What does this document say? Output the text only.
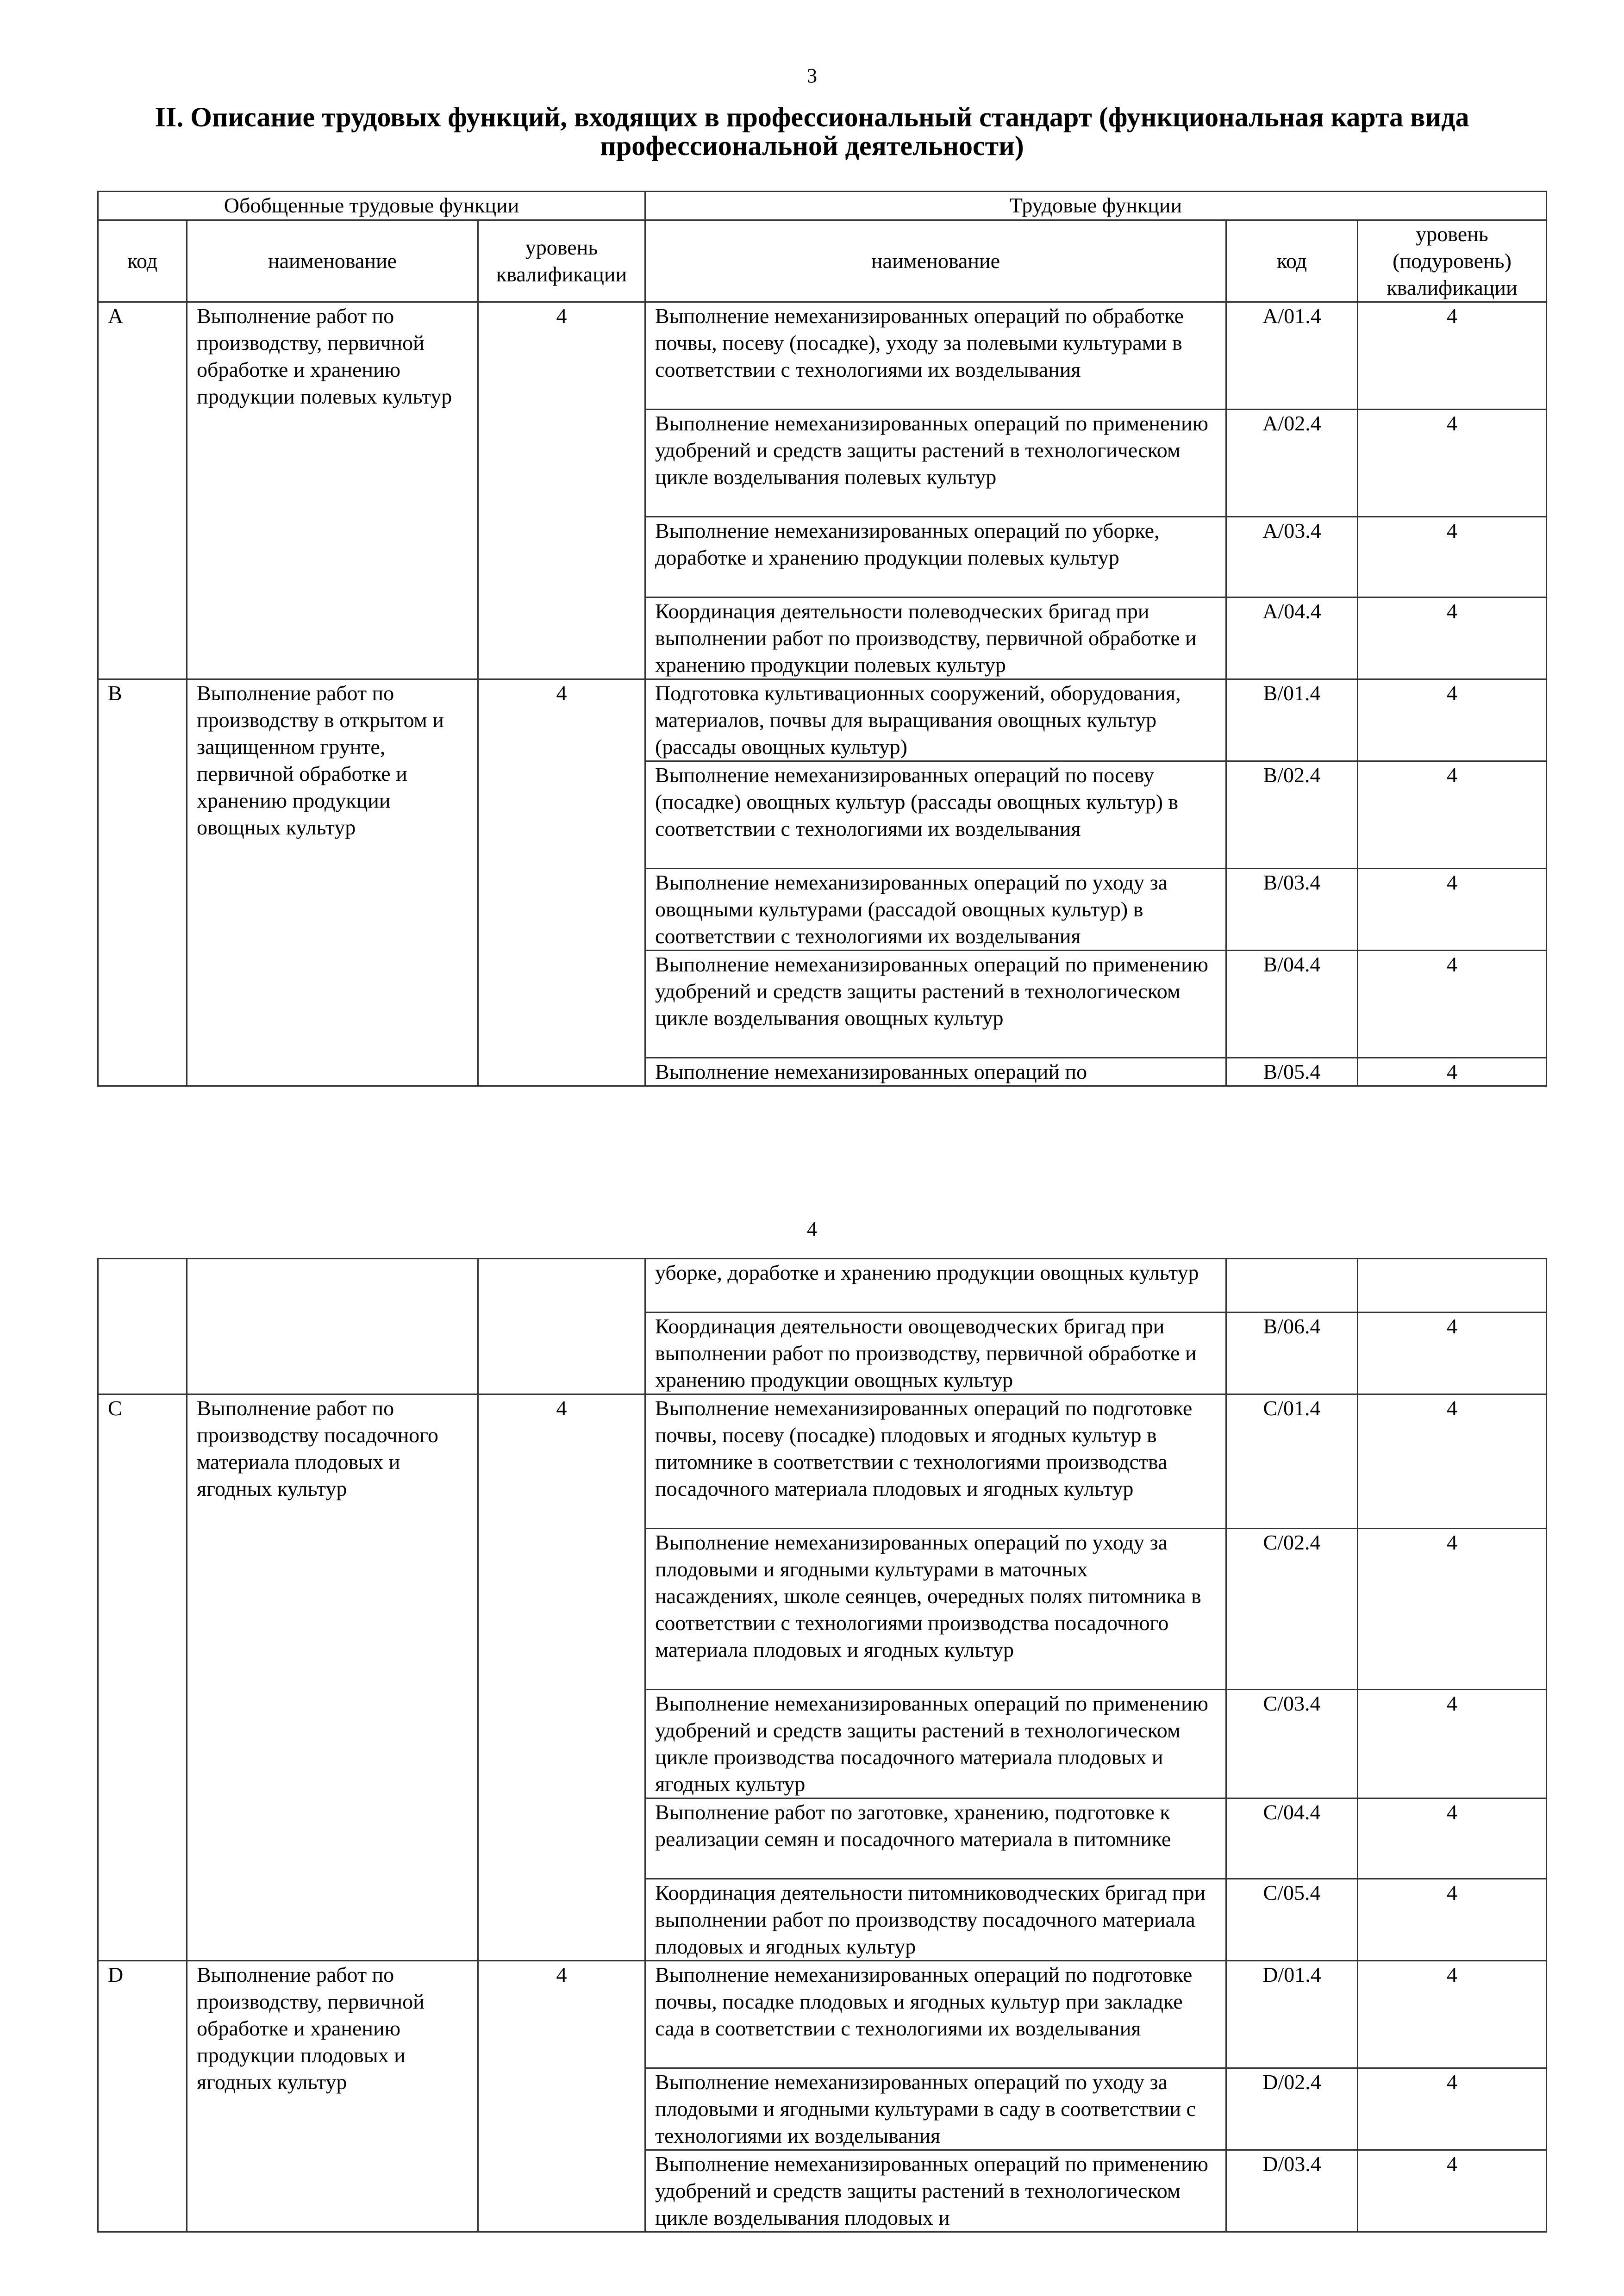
3
II. Описание трудовых функций, входящих в профессиональный стандарт (функциональная карта вида профессиональной деятельности)
Обобщенные трудовые функции			Трудовые функции		
код	наименование	уровень квалификации	наименование	код	уровень (подуровень) квалификации
A	Выполнение работ по производству, первичной обработке и хранению продукции полевых культур	4	Выполнение немеханизированных операций по обработке почвы, посеву (посадке), уходу за полевыми культурами в соответствии с технологиями их возделывания	A/01.4	4
			Выполнение немеханизированных операций по применению удобрений и средств защиты растений в технологическом цикле возделывания полевых культур	A/02.4	4
			Выполнение немеханизированных операций по уборке, доработке и хранению продукции полевых культур	A/03.4	4
			Координация деятельности полеводческих бригад при выполнении работ по производству, первичной обработке и хранению продукции полевых культур	A/04.4	4
B	Выполнение работ по производству в открытом и защищенном грунте, первичной обработке и хранению продукции овощных культур	4	Подготовка культивационных сооружений, оборудования, материалов, почвы для выращивания овощных культур (рассады овощных культур)	B/01.4	4
			Выполнение немеханизированных операций по посеву (посадке) овощных культур (рассады овощных культур) в соответствии с технологиями их возделывания	B/02.4	4
			Выполнение немеханизированных операций по уходу за овощными культурами (рассадой овощных культур) в соответствии с технологиями их возделывания	B/03.4	4
			Выполнение немеханизированных операций по применению удобрений и средств защиты растений в технологическом цикле возделывания овощных культур	B/04.4	4
			Выполнение немеханизированных операций по	B/05.4	4
4
			уборке, доработке и хранению продукции овощных культур		
			Координация деятельности овощеводческих бригад при выполнении работ по производству, первичной обработке и хранению продукции овощных культур	B/06.4	4
C	Выполнение работ по производству посадочного материала плодовых и ягодных культур	4	Выполнение немеханизированных операций по подготовке почвы, посеву (посадке) плодовых и ягодных культур в питомнике в соответствии с технологиями производства посадочного материала плодовых и ягодных культур	C/01.4	4
			Выполнение немеханизированных операций по уходу за плодовыми и ягодными культурами в маточных насаждениях, школе сеянцев, очередных полях питомника в соответствии с технологиями производства посадочного материала плодовых и ягодных культур	C/02.4	4
			Выполнение немеханизированных операций по применению удобрений и средств защиты растений в технологическом цикле производства посадочного материала плодовых и ягодных культур	C/03.4	4
			Выполнение работ по заготовке, хранению, подготовке к реализации семян и посадочного материала в питомнике	C/04.4	4
			Координация деятельности питомниководческих бригад при выполнении работ по производству посадочного материала плодовых и ягодных культур	C/05.4	4
D	Выполнение работ по производству, первичной обработке и хранению продукции плодовых и ягодных культур	4	Выполнение немеханизированных операций по подготовке почвы, посадке плодовых и ягодных культур при закладке сада в соответствии с технологиями их возделывания	D/01.4	4
			Выполнение немеханизированных операций по уходу за плодовыми и ягодными культурами в саду в соответствии с технологиями их возделывания	D/02.4	4
			Выполнение немеханизированных операций по применению удобрений и средств защиты растений в технологическом цикле возделывания плодовых и	D/03.4	4
